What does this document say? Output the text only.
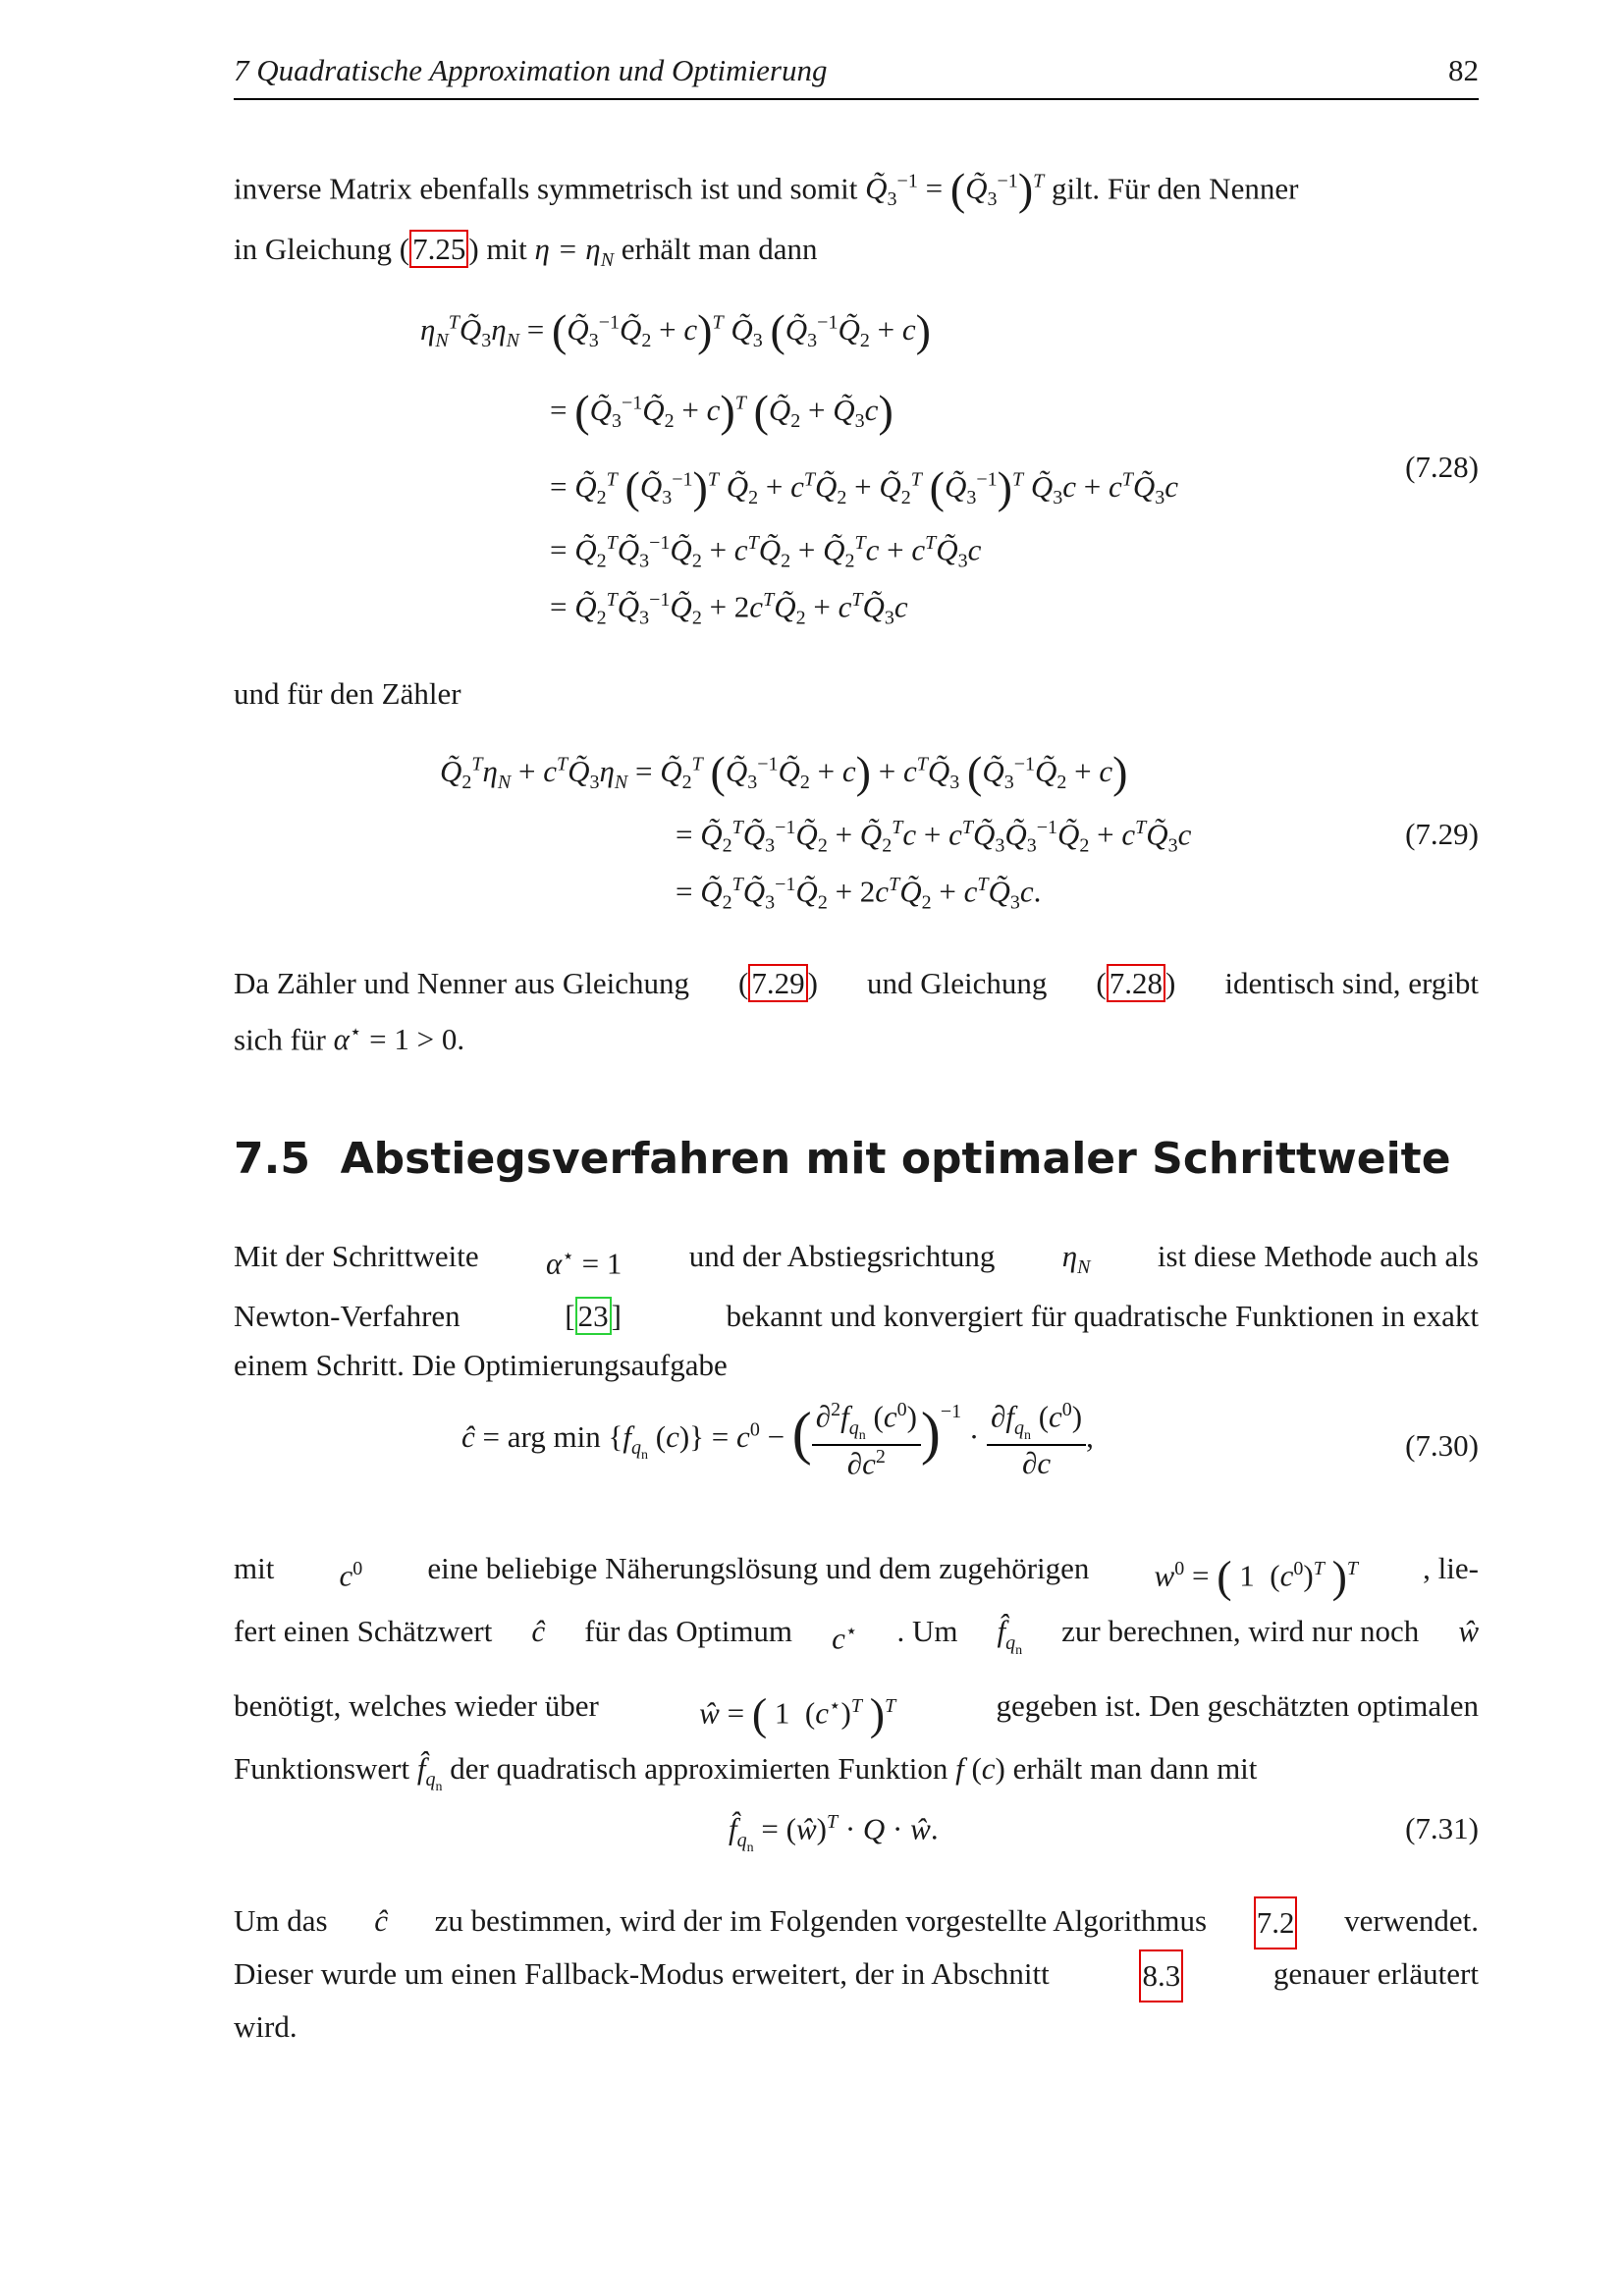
7 Quadratische Approximation und Optimierung	82
inverse Matrix ebenfalls symmetrisch ist und somit $Q̃_3^{-1}$ = $(Q̃_3^{-1})^T$ gilt. Für den Nenner
in Gleichung (7.25) mit $\eta = \eta_N$ erhält man dann
$\eta_N^TQ̃_3\eta_N$ = $(Q̃_3^{-1}Q̃_2 + c)^T$ $Q̃_3$ $(Q̃_3^{-1}Q̃_2 + c)$
= $(Q̃_3^{-1}Q̃_2 + c)^T$ ($Q̃_2$ + $Q̃_3c$)
= $Q̃_2^T$ $(Q̃_3^{-1})^T$ $Q̃_2$ + $c^TQ̃_2$ + $Q̃_2^T$ $(Q̃_3^{-1})^T$ $Q̃_3c$ + $c^TQ̃_3c$
= $Q̃_2^TQ̃_3^{-1}Q̃_2$ + $c^TQ̃_2$ + $Q̃_2^Tc$ + $c^TQ̃_3c$
= $Q̃_2^TQ̃_3^{-1}Q̃_2$ + $2c^TQ̃_2$ + $c^TQ̃_3c$
(7.28)
und für den Zähler
$Q̃_2^T\eta_N$ + $c^TQ̃_3\eta_N$ = $Q̃_2^T$ $(Q̃_3^{-1}Q̃_2 + c)$ + $c^TQ̃_3$ $(Q̃_3^{-1}Q̃_2 + c)$
= $Q̃_2^TQ̃_3^{-1}Q̃_2$ + $Q̃_2^Tc$ + $c^TQ̃_3Q̃_3^{-1}Q̃_2$ + $c^TQ̃_3c$
= $Q̃_2^TQ̃_3^{-1}Q̃_2$ + $2c^TQ̃_2$ + $c^TQ̃_3c$.
(7.29)
Da Zähler und Nenner aus Gleichung (7.29) und Gleichung (7.28) identisch sind, ergibt
sich für α⋆ = 1 > 0.
7.5 Abstiegsverfahren mit optimaler Schrittweite
Mit der Schrittweite α⋆ = 1 und der Abstiegsrichtung $\eta_N$ ist diese Methode auch als
Newton-Verfahren	[23]	bekannt und konvergiert für quadratische Funktionen in exakt
einem Schritt. Die Optimierungsaufgabe
ĉ = arg $\min \{f_{q_n}$ $(c)\} = c^0$ − ( $\frac{\partial^2f_{q_n} (c^0)}{\partial c^2} )^{-1} \cdot \frac{\partial f_{q_n} (c^0)}{\partial c}$ ,	(7.30)
mit $c^0$ eine beliebige Näherungslösung und dem zugehörigen $w^0$ = ( 1  $(c^0)^T$ )$^T$ , lie-
fert einen Schätzwert ĉ für das Optimum c⋆ . Um $f̂_{q_n}$
zur berechnen, wird nur noch ŵ
benötigt, welches wieder über	ŵ = ( 1  $(c^⋆)^T$ )$^T$	gegeben ist. Den geschätzten optimalen
Funktionswert $f̂_{q_n}$ der quadratisch approximierten Funktion f (c) erhält man dann mit
$f̂_{q_n}$ = (ŵ)$^T$ · Q · ŵ.	(7.31)
Um das ĉ zu bestimmen, wird der im Folgenden vorgestellte Algorithmus 7.2 verwendet.
Dieser wurde um einen Fallback-Modus erweitert, der in Abschnitt	8.3	genauer erläutert
wird.
